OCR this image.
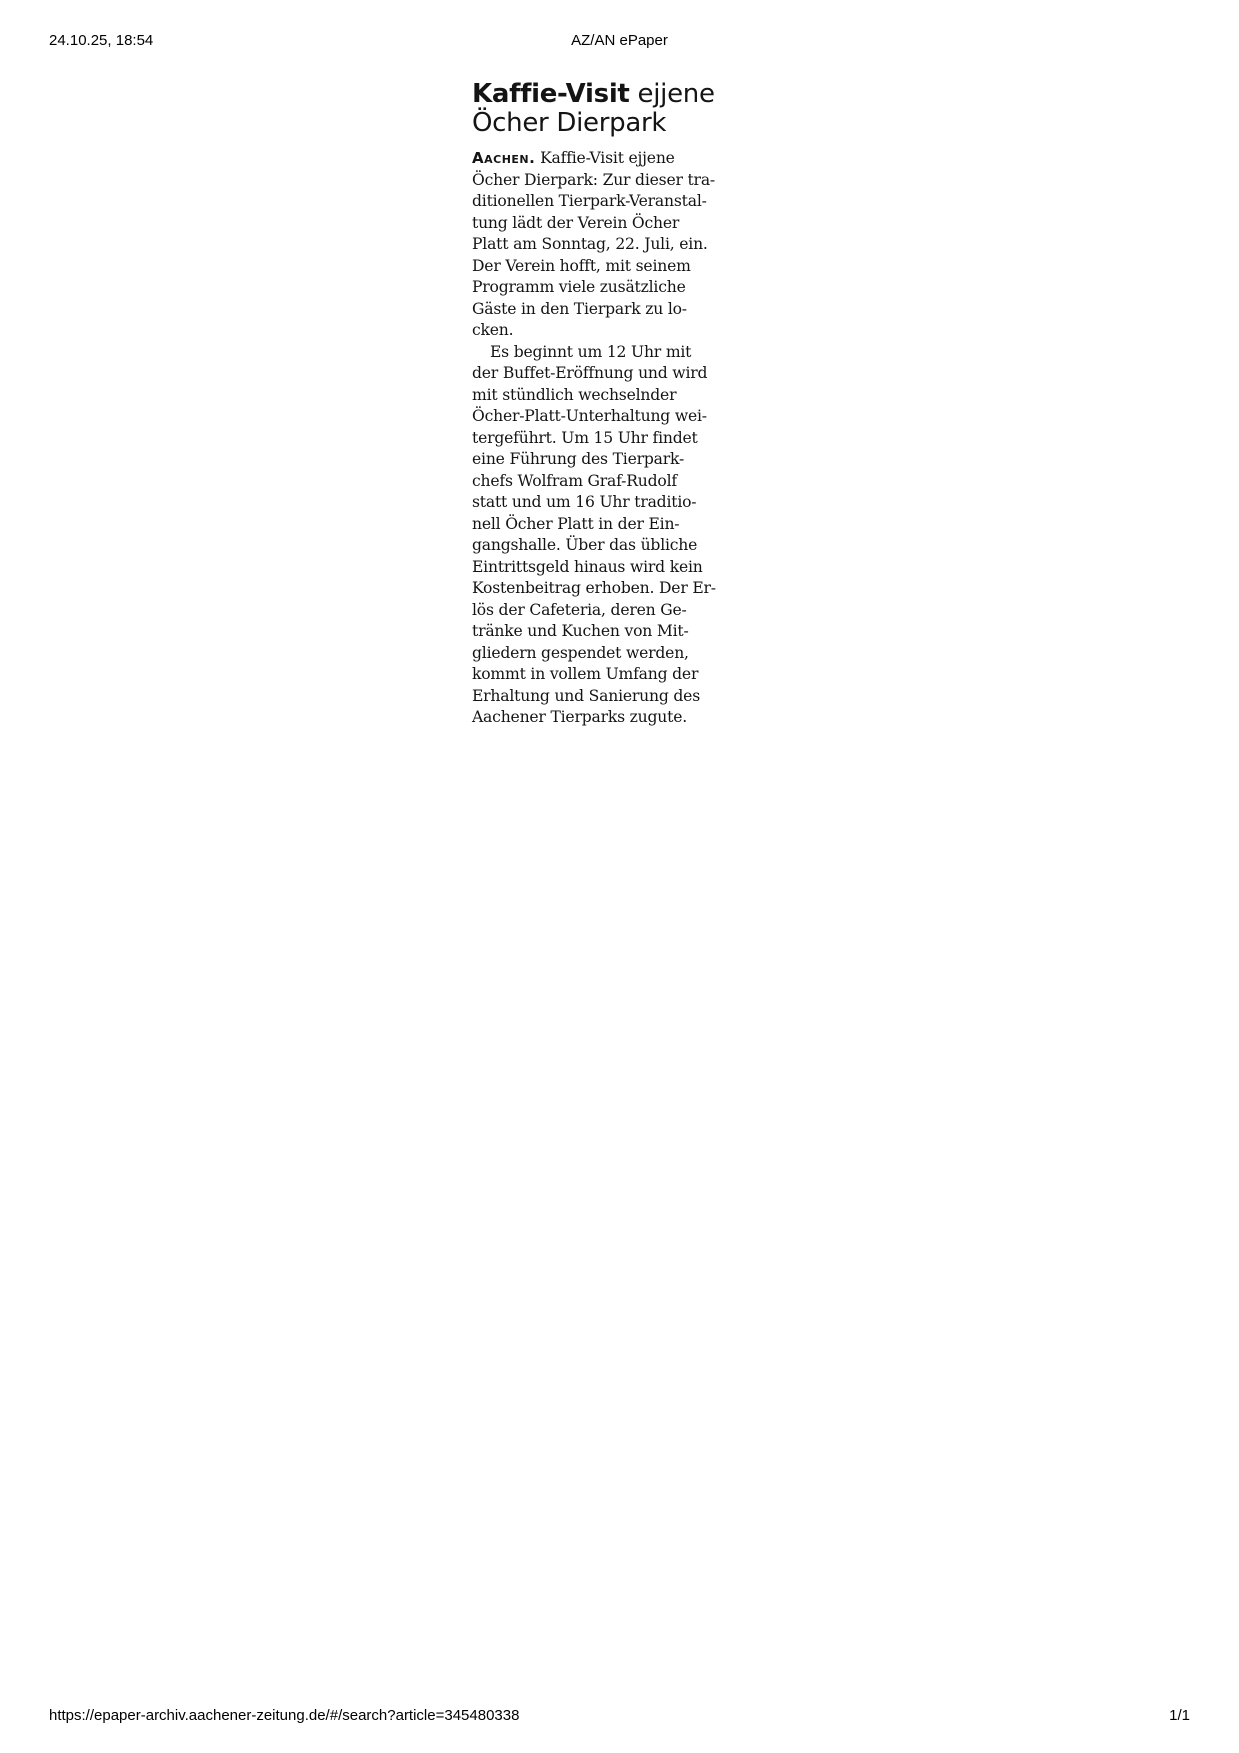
24.10.25, 18:54	AZ/AN ePaper
Kaffie-Visit ejjene
Öcher Dierpark
Aachen. Kaffie-Visit ejjene
Öcher Dierpark: Zur dieser tra-
ditionellen Tierpark-Veranstal-
tung lädt der Verein Öcher
Platt am Sonntag, 22. Juli, ein.
Der Verein hofft, mit seinem
Programm viele zusätzliche
Gäste in den Tierpark zu lo-
cken.
Es beginnt um 12 Uhr mit
der Buffet-Eröffnung und wird
mit stündlich wechselnder
Öcher-Platt-Unterhaltung wei-
tergeführt. Um 15 Uhr findet
eine Führung des Tierpark-
chefs Wolfram Graf-Rudolf
statt und um 16 Uhr traditio-
nell Öcher Platt in der Ein-
gangshalle. Über das übliche
Eintrittsgeld hinaus wird kein
Kostenbeitrag erhoben. Der Er-
lös der Cafeteria, deren Ge-
tränke und Kuchen von Mit-
gliedern gespendet werden,
kommt in vollem Umfang der
Erhaltung und Sanierung des
Aachener Tierparks zugute.
https://epaper-archiv.aachener-zeitung.de/#/search?article=345480338	1/1
